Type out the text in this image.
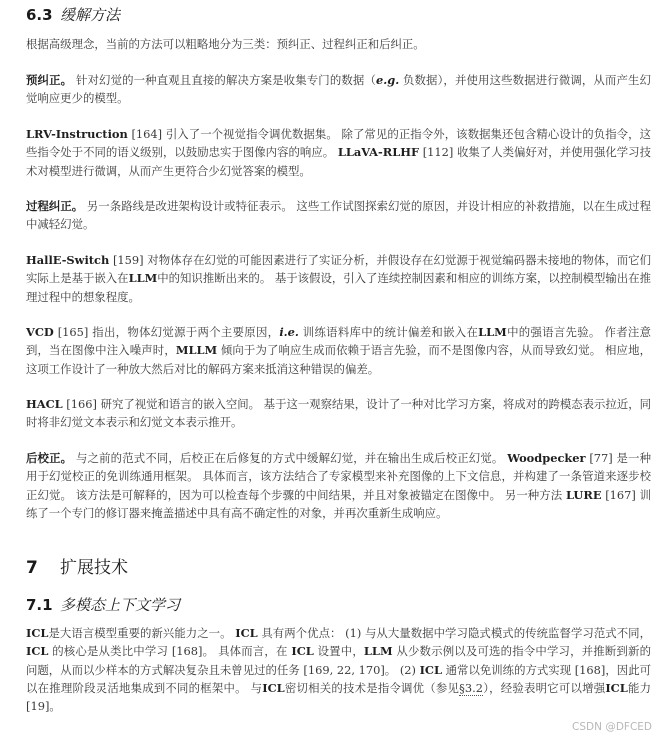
6.3 缓解方法

根据高级理念，当前的方法可以粗略地分为三类：预纠正、过程纠正和后纠正。

预纠正。 针对幻觉的一种直观且直接的解决方案是收集专门的数据（e.g. 负数据），并使用这些数据进行微调，从而产生幻觉响应更少的模型。

LRV-Instruction [164] 引入了一个视觉指令调优数据集。 除了常见的正指令外，该数据集还包含精心设计的负指令，这些指令处于不同的语义级别，以鼓励忠实于图像内容的响应。 LLaVA-RLHF [112] 收集了人类偏好对，并使用强化学习技术对模型进行微调，从而产生更符合少幻觉答案的模型。

过程纠正。 另一条路线是改进架构设计或特征表示。 这些工作试图探索幻觉的原因，并设计相应的补救措施，以在生成过程中减轻幻觉。

HallE-Switch [159] 对物体存在幻觉的可能因素进行了实证分析，并假设存在幻觉源于视觉编码器未接地的物体，而它们实际上是基于嵌入在LLM中的知识推断出来的。 基于该假设，引入了连续控制因素和相应的训练方案，以控制模型输出在推理过程中的想象程度。

VCD [165] 指出，物体幻觉源于两个主要原因，i.e. 训练语料库中的统计偏差和嵌入在LLM中的强语言先验。 作者注意到，当在图像中注入噪声时，MLLM 倾向于为了响应生成而依赖于语言先验，而不是图像内容，从而导致幻觉。 相应地，这项工作设计了一种放大然后对比的解码方案来抵消这种错误的偏差。

HACL [166] 研究了视觉和语言的嵌入空间。 基于这一观察结果，设计了一种对比学习方案，将成对的跨模态表示拉近，同时将非幻觉文本表示和幻觉文本表示推开。

后校正。 与之前的范式不同，后校正在后修复的方式中缓解幻觉，并在输出生成后校正幻觉。 Woodpecker [77] 是一种用于幻觉校正的免训练通用框架。 具体而言，该方法结合了专家模型来补充图像的上下文信息，并构建了一条管道来逐步校正幻觉。 该方法是可解释的，因为可以检查每个步骤的中间结果，并且对象被锚定在图像中。 另一种方法 LURE [167] 训练了一个专门的修订器来掩盖描述中具有高不确定性的对象，并再次重新生成响应。

7 扩展技术
7.1 多模态上下文学习

ICL是大语言模型重要的新兴能力之一。 ICL 具有两个优点： (1) 与从大量数据中学习隐式模式的传统监督学习范式不同，ICL 的核心是从类比中学习 [168]。 具体而言，在 ICL 设置中，LLM 从少数示例以及可选的指令中学习，并推断到新的问题，从而以少样本的方式解决复杂且未曾见过的任务 [169, 22, 170]。 (2) ICL 通常以免训练的方式实现 [168]，因此可以在推理阶段灵活地集成到不同的框架中。 与ICL密切相关的技术是指令调优（参见§3.2），经验表明它可以增强ICL能力[19]。

CSDN @DFCED
